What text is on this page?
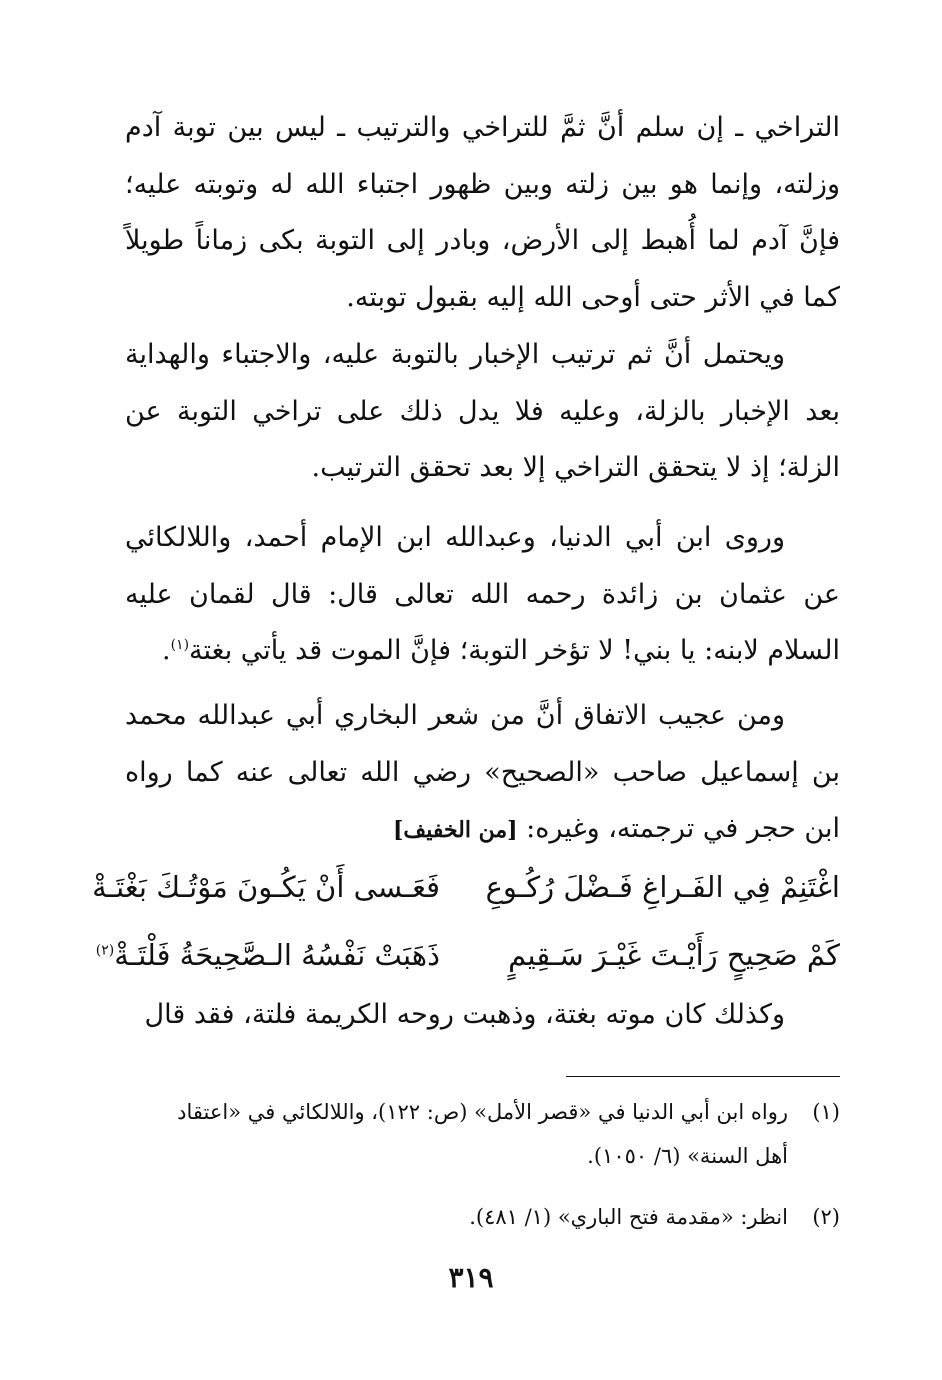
التراخي ـ إن سلم أنَّ ثمَّ للتراخي والترتيب ـ ليس بين توبة آدم وزلته، وإنما هو بين زلته وبين ظهور اجتباء الله له وتوبته عليه؛ فإنَّ آدم لما أُهبط إلى الأرض، وبادر إلى التوبة بكى زماناً طويلاً كما في الأثر حتى أوحى الله إليه بقبول توبته.

ويحتمل أنَّ ثم ترتيب الإخبار بالتوبة عليه، والاجتباء والهداية بعد الإخبار بالزلة، وعليه فلا يدل ذلك على تراخي التوبة عن الزلة؛ إذ لا يتحقق التراخي إلا بعد تحقق الترتيب.

وروى ابن أبي الدنيا، وعبدالله ابن الإمام أحمد، واللالكائي عن عثمان بن زائدة رحمه الله تعالى قال: قال لقمان عليه السلام لابنه: يا بني! لا تؤخر التوبة؛ فإنَّ الموت قد يأتي بغتة$^{(١)}$.

ومن عجيب الاتفاق أنَّ من شعر البخاري أبي عبدالله محمد بن إسماعيل صاحب «الصحيح» رضي الله تعالى عنه كما رواه ابن حجر في ترجمته، وغيره: [من الخفيف]

اغْتَنِمْ فِي الفَـراغِ فَـضْلَ رُكُـوعِ
فَعَـسى أَنْ يَكُـونَ مَوْتُـكَ بَغْتَـةْ
كَمْ صَحِيحٍ رَأَيْـتَ غَيْـرَ سَـقِيمٍ
ذَهَبَتْ نَفْسُهُ الـصَّحِيحَةُ فَلْتَـةْ$^{(٢)}$

وكذلك كان موته بغتة، وذهبت روحه الكريمة فلتة، فقد قال

(١)رواه ابن أبي الدنيا في «قصر الأمل» (ص: ١٢٢)، واللالكائي في «اعتقاد
أهل السنة» (٦/ ١٠٥٠).
(٢)انظر: «مقدمة فتح الباري» (١/ ٤٨١).
٣١٩
